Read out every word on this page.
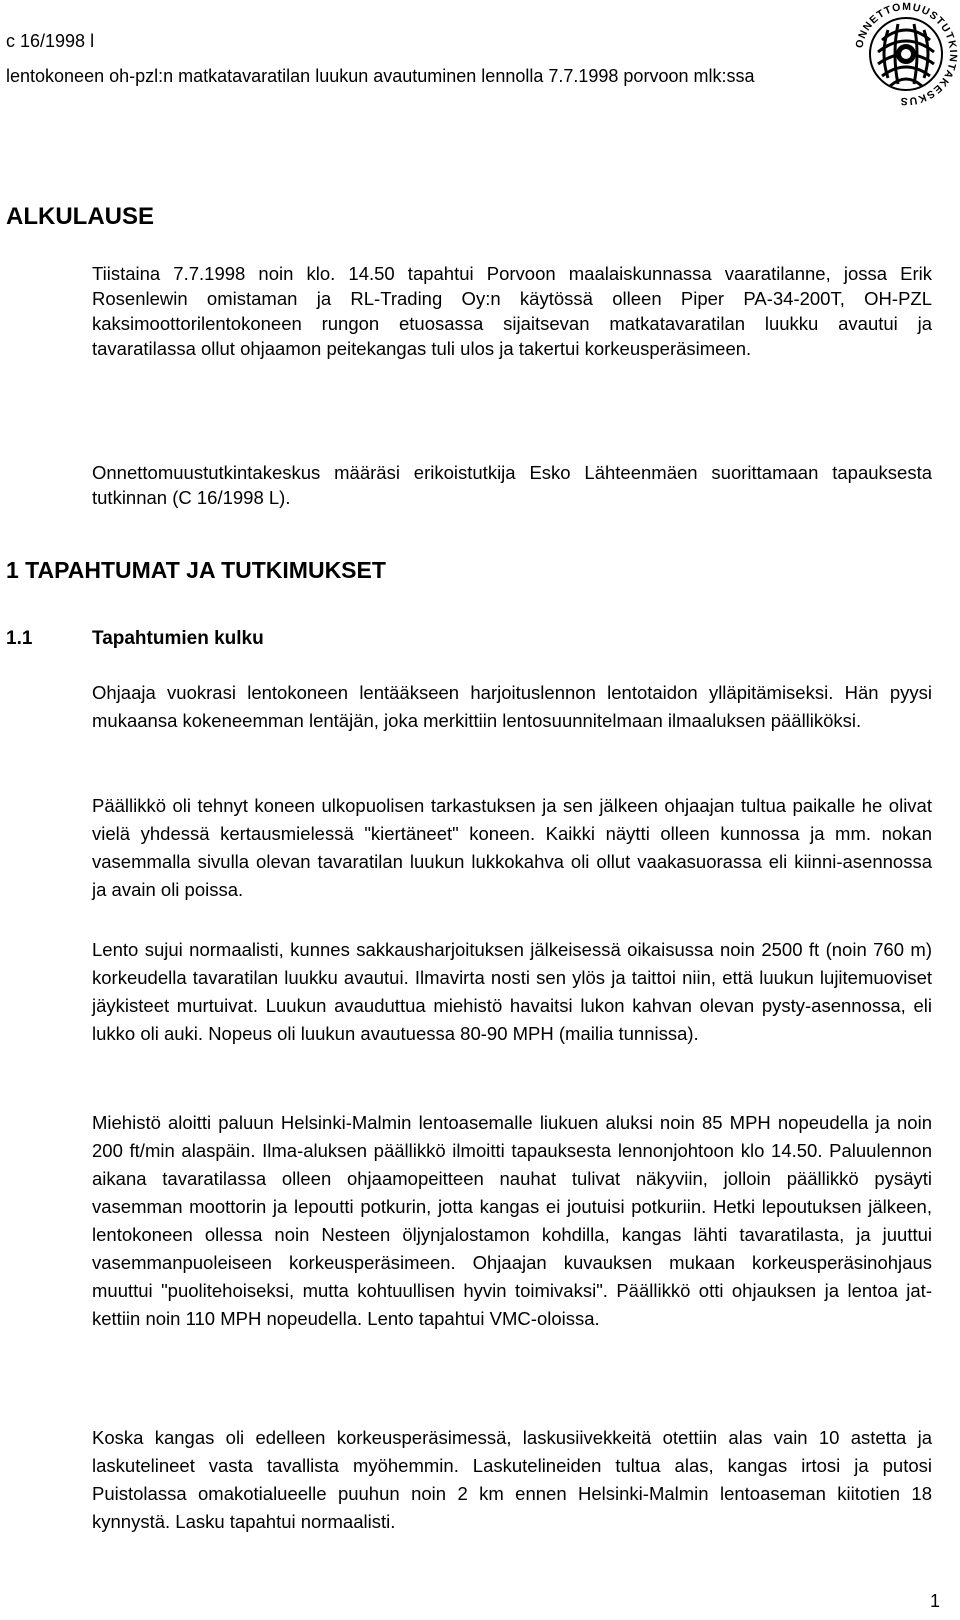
c 16/1998 l

lentokoneen oh-pzl:n matkatavaratilan luukun avautuminen lennolla 7.7.1998 porvoon mlk:ssa

ONNETTOMUUSTUTKINTAKESKUS
ALKULAUSE

Tiistaina 7.7.1998 noin klo. 14.50 tapahtui Porvoon maalaiskunnassa vaaratilanne, jossa Erik Rosenlewin omistaman ja RL-Trading Oy:n käytössä olleen Piper PA-34-200T, OH-PZL kaksimoottorilentokoneen rungon etuosassa sijaitsevan matkatavaratilan luukku avautui ja tavaratilassa ollut ohjaamon peitekangas tuli ulos ja takertui korkeusperäsimeen.

Onnettomuustutkintakeskus määräsi erikoistutkija Esko Lähteenmäen suorittamaan tapauksesta tutkinnan (C 16/1998 L).

1 TAPAHTUMAT JA TUTKIMUKSET
1.1	Tapahtumien kulku

Ohjaaja vuokrasi lentokoneen lentääkseen harjoituslennon lentotaidon ylläpitämiseksi. Hän pyysi mukaansa kokeneemman lentäjän, joka merkittiin lentosuunnitelmaan ilmaaluksen päälliköksi.

Päällikkö oli tehnyt koneen ulkopuolisen tarkastuksen ja sen jälkeen ohjaajan tultua paikalle he olivat vielä yhdessä kertausmielessä "kiertäneet" koneen. Kaikki näytti olleen kunnossa ja mm. nokan vasemmalla sivulla olevan tavaratilan luukun lukkokahva oli ollut vaakasuorassa eli kiinni-asennossa ja avain oli poissa.

Lento sujui normaalisti, kunnes sakkausharjoituksen jälkeisessä oikaisussa noin 2500 ft (noin 760 m) korkeudella tavaratilan luukku avautui. Ilmavirta nosti sen ylös ja taittoi niin, että luukun lujitemuoviset jäykisteet murtuivat. Luukun avauduttua miehistö havaitsi lukon kahvan olevan pysty-asennossa, eli lukko oli auki. Nopeus oli luukun avautuessa 80-90 MPH (mailia tunnissa).

Miehistö aloitti paluun Helsinki-Malmin lentoasemalle liukuen aluksi noin 85 MPH nopeudella ja noin 200 ft/min alaspäin. Ilma-aluksen päällikkö ilmoitti tapauksesta lennonjohtoon klo 14.50. Paluulennon aikana tavaratilassa olleen ohjaamopeitteen nauhat tulivat näkyviin, jolloin päällikkö pysäyti vasemman moottorin ja lepoutti potkurin, jotta kangas ei joutuisi potkuriin. Hetki lepoutuksen jälkeen, lentokoneen ollessa noin Nesteen öljynjalostamon kohdilla, kangas lähti tavaratilasta, ja juuttui vasemmanpuoleiseen korkeusperäsimeen. Ohjaajan kuvauksen mukaan korkeusperäsinohjaus muuttui "puolitehoiseksi, mutta kohtuullisen hyvin toimivaksi". Päällikkö otti ohjauksen ja lentoa jatkettiin noin 110 MPH nopeudella. Lento tapahtui VMC-oloissa.

Koska kangas oli edelleen korkeusperäsimessä, laskusiivekkeitä otettiin alas vain 10 astetta ja laskutelineet vasta tavallista myöhemmin. Laskutelineiden tultua alas, kangas irtosi ja putosi Puistolassa omakotialueelle puuhun noin 2 km ennen Helsinki-Malmin lentoaseman kiitotien 18 kynnystä. Lasku tapahtui normaalisti.

1
